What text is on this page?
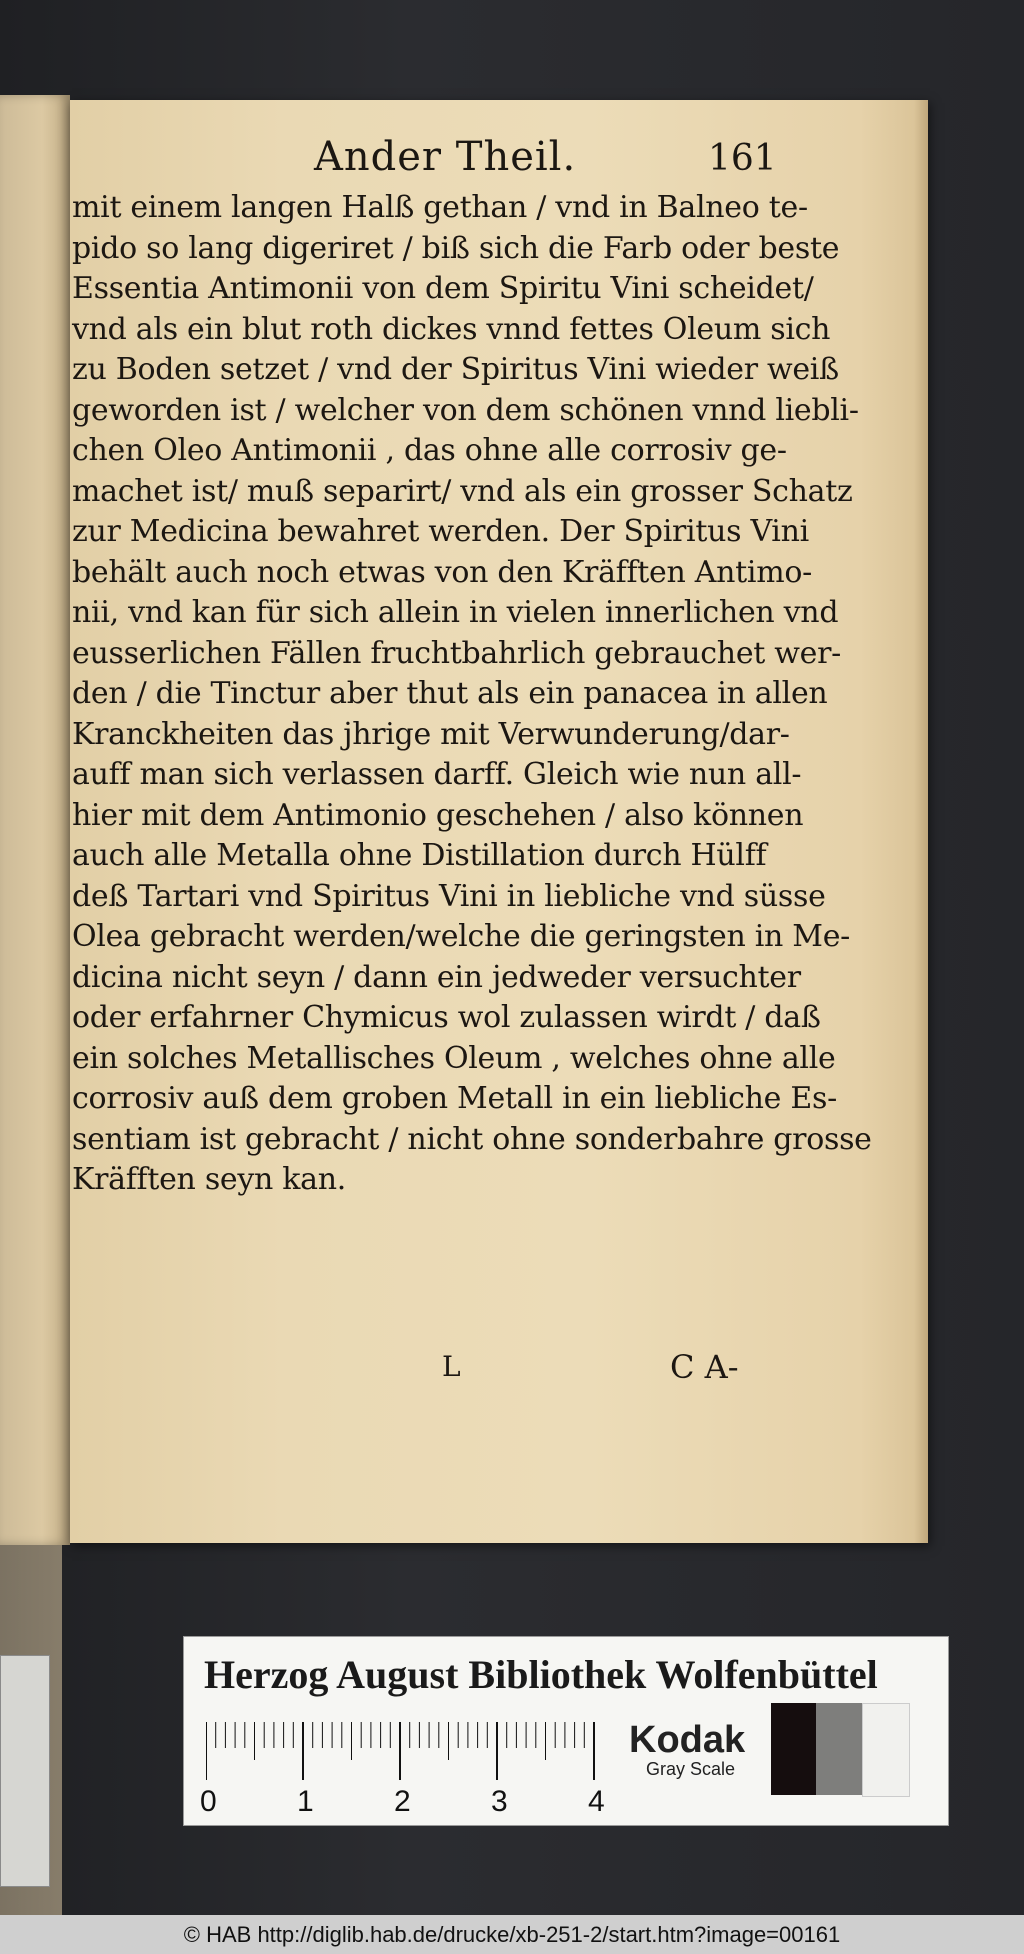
Ander Theil.	161
mit einem langen Halß gethan / vnd in Balneo te-
pido so lang digeriret / biß sich die Farb oder beste
Essentia Antimonii von dem Spiritu Vini scheidet/
vnd als ein blut roth dickes vnnd fettes Oleum sich
zu Boden setzet / vnd der Spiritus Vini wieder weiß
geworden ist / welcher von dem schönen vnnd liebli-
chen Oleo Antimonii , das ohne alle corrosiv ge-
machet ist/ muß separirt/ vnd als ein grosser Schatz
zur Medicina bewahret werden. Der Spiritus Vini
behält auch noch etwas von den Kräfften Antimo-
nii, vnd kan für sich allein in vielen innerlichen vnd
eusserlichen Fällen fruchtbahrlich gebrauchet wer-
den / die Tinctur aber thut als ein panacea in allen
Kranckheiten das jhrige mit Verwunderung/dar-
auff man sich verlassen darff. Gleich wie nun all-
hier mit dem Antimonio geschehen / also können
auch alle Metalla ohne Distillation durch Hülff
deß Tartari vnd Spiritus Vini in liebliche vnd süsse
Olea gebracht werden/welche die geringsten in Me-
dicina nicht seyn / dann ein jedweder versuchter
oder erfahrner Chymicus wol zulassen wirdt / daß
ein solches Metallisches Oleum , welches ohne alle
corrosiv auß dem groben Metall in ein liebliche Es-
sentiam ist gebracht / nicht ohne sonderbahre grosse
Kräfften seyn kan.
L	C A-
Herzog August Bibliothek Wolfenbüttel
0	1	2	3	4
Kodak
Gray Scale
© HAB http://diglib.hab.de/drucke/xb-251-2/start.htm?image=00161
